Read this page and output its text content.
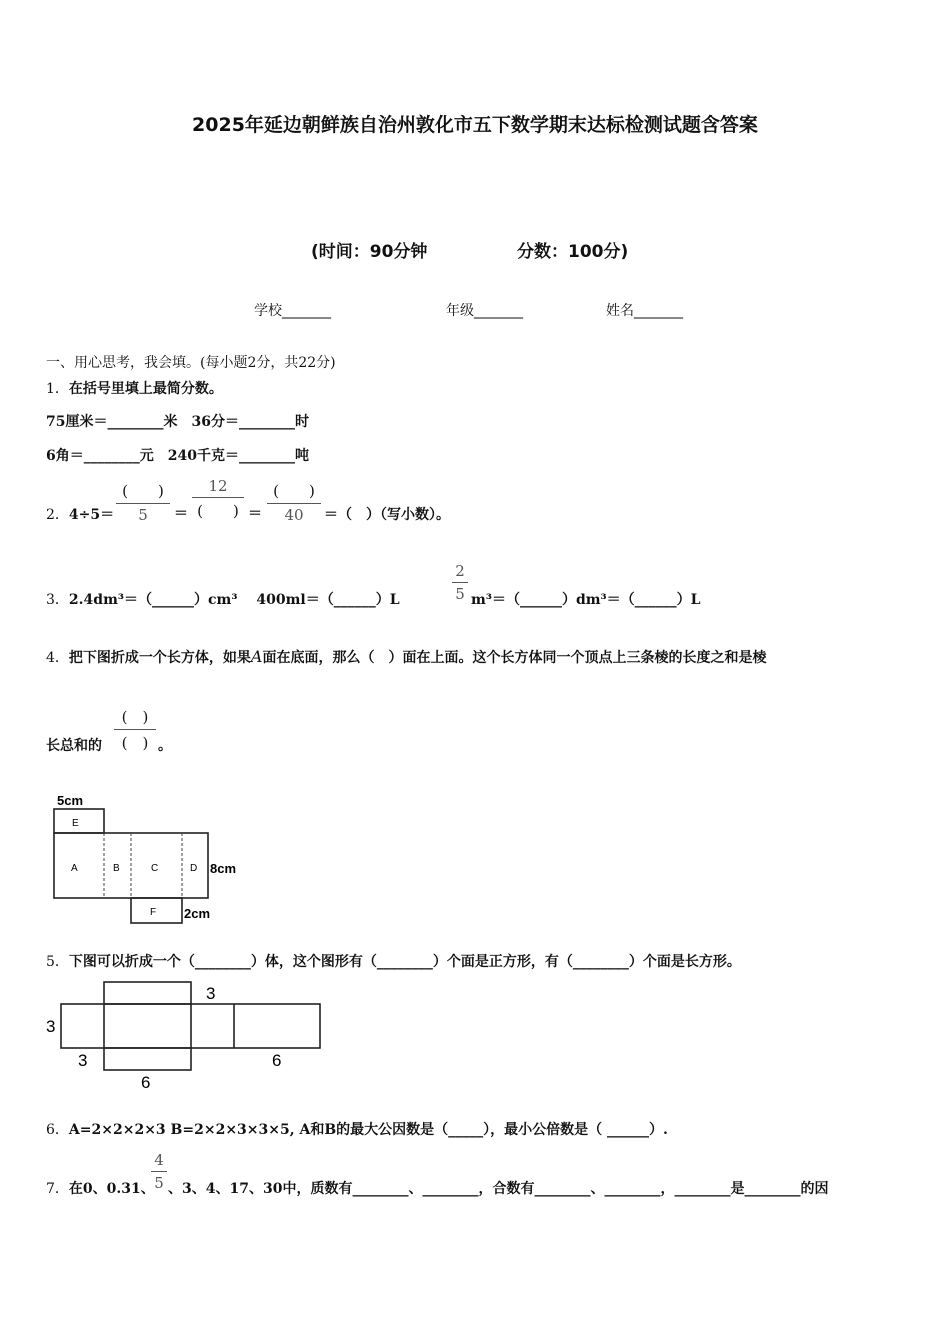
2025年延边朝鲜族自治州敦化市五下数学期末达标检测试题含答案
(时间：90分钟	分数：100分)
学校_______	年级_______	姓名_______
一、用心思考，我会填。(每小题2分，共22分)
1．在括号里填上最简分数。
75厘米＝________米　36分＝________时
6角＝________元　240千克＝________吨
2．4÷5＝
(　　)
5	＝
12
(　　) ＝
(　　)
40	＝（　）（写小数）。
3．2.4dm³＝（______）cm³　 400ml＝（______）L
2
5 m³＝（______）dm³＝（______）L
4．把下图折成一个长方体，如果A面在底面，那么（　）面在上面。这个长方体同一个顶点上三条棱的长度之和是棱
长总和的
(　)
(　) 。
5cm
8cm
2cm
E
A	B	C	D
F
5．下图可以折成一个（________）体，这个图形有（________）个面是正方形，有（________）个面是长方形。
3
3
3	6
6
6．A=2×2×2×3 B=2×2×3×3×5, A和B的最大公因数是（_____），最小公倍数是（ ______）.
7．在0、0.31、
4
5 、3、4、17、30中，质数有________、________，合数有________、________，________是________的因
